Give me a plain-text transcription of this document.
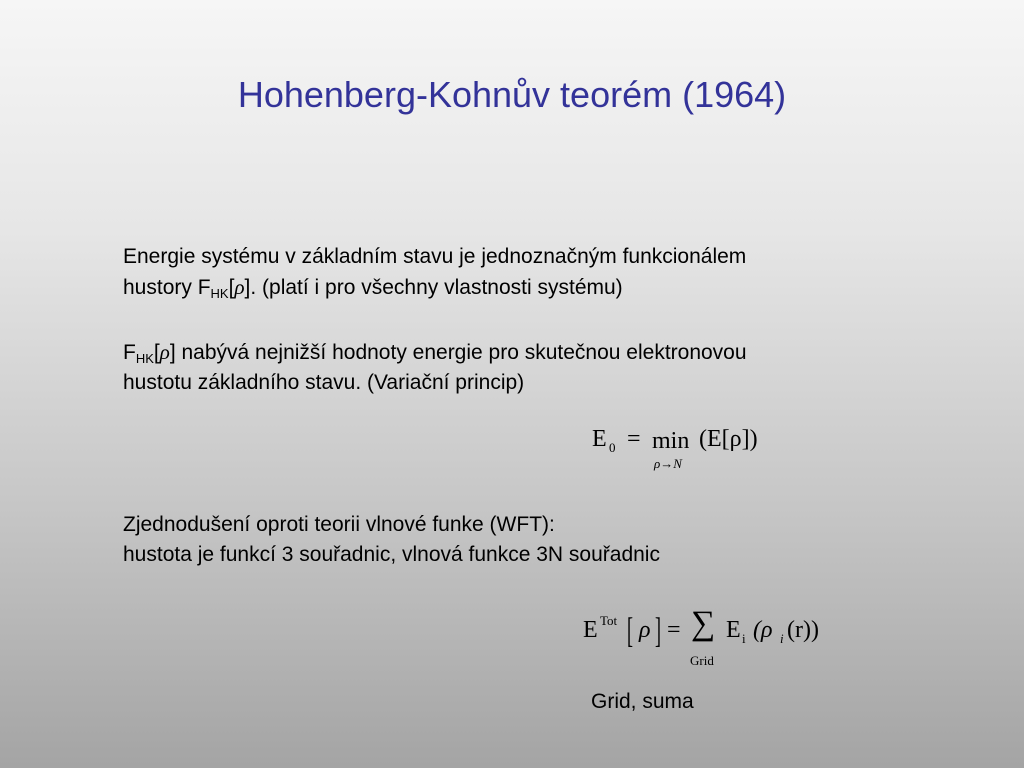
Hohenberg-Kohnův teorém (1964)
Energie systému v základním stavu je jednoznačným funkcionálem
hustory $F_{HK}[\rho]$. (platí i pro všechny vlastnosti systému)
$F_{HK}[\rho]$ nabývá nejnižší hodnoty energie pro skutečnou elektronovou
hustotu základního stavu. (Variační princip)
E 0 = min
ρ→N
(E[ρ])
Zjednodušení oproti teorii vlnové funke (WFT):
hustota je funkcí 3 souřadnic, vlnová funkce 3N souřadnic
E Tot [ ρ ] = ∑
Grid
E i (ρ i (r))
Grid, suma
